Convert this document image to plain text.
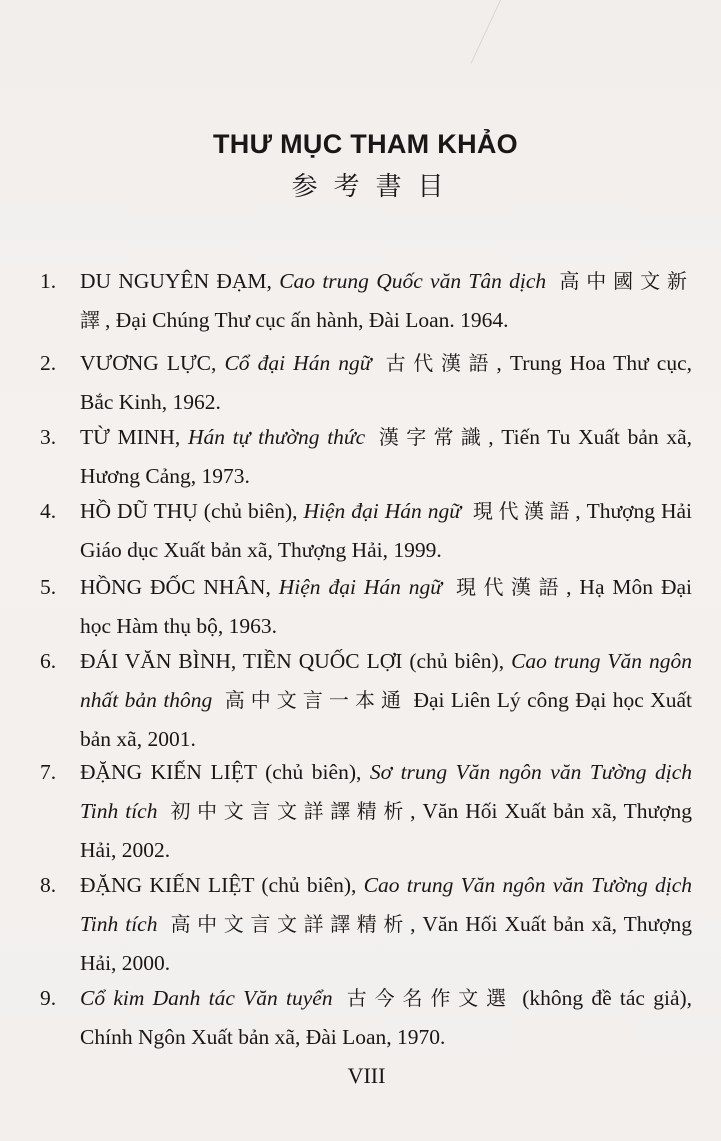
THƯ MỤC THAM KHẢO
参考書目
1.	DU NGUYÊN ĐẠM, Cao trung Quốc văn Tân dịch 高中國文新譯, Đại Chúng Thư cục ấn hành, Đài Loan. 1964.
2.	VƯƠNG LỰC, Cổ đại Hán ngữ 古代漢語, Trung Hoa Thư cục, Bắc Kinh, 1962.
3.	TỪ MINH, Hán tự thường thức 漢字常識, Tiến Tu Xuất bản xã, Hương Cảng, 1973.
4.	HỒ DŨ THỤ (chủ biên), Hiện đại Hán ngữ 現代漢語, Thượng Hải Giáo dục Xuất bản xã, Thượng Hải, 1999.
5.	HỒNG ĐỐC NHÂN, Hiện đại Hán ngữ 現代漢語, Hạ Môn Đại học Hàm thụ bộ, 1963.
6.	ĐÁI VĂN BÌNH, TIỀN QUỐC LỢI (chủ biên), Cao trung Văn ngôn nhất bản thông 高中文言一本通 Đại Liên Lý công Đại học Xuất bản xã, 2001.
7.	ĐẶNG KIẾN LIỆT (chủ biên), Sơ trung Văn ngôn văn Tường dịch Tinh tích 初中文言文詳譯精析, Văn Hối Xuất bản xã, Thượng Hải, 2002.
8.	ĐẶNG KIẾN LIỆT (chủ biên), Cao trung Văn ngôn văn Tường dịch Tinh tích 高中文言文詳譯精析, Văn Hối Xuất bản xã, Thượng Hải, 2000.
9.	Cổ kim Danh tác Văn tuyển 古今名作文選 (không đề tác giả), Chính Ngôn Xuất bản xã, Đài Loan, 1970.
VIII
